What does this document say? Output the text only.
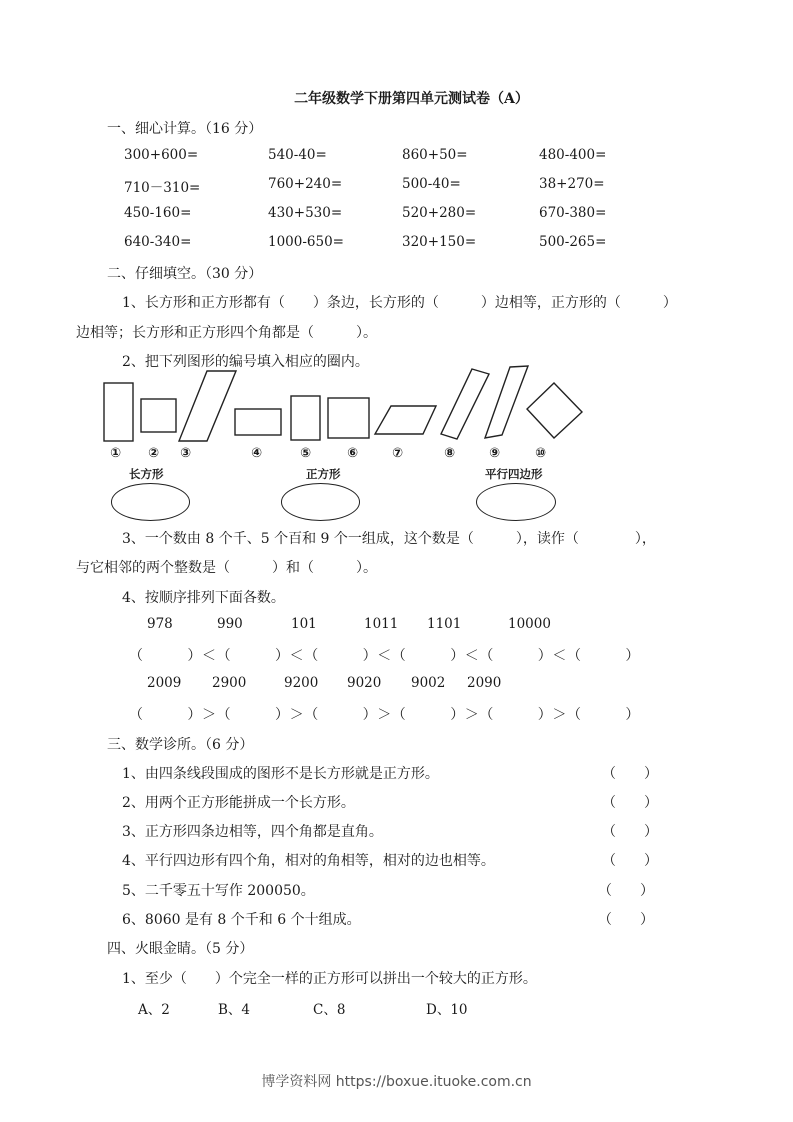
二年级数学下册第四单元测试卷（A）
一、细心计算。（16 分）
300+600=	540-40=	860+50=	480-400=
710－310=	760+240=	500-40=	38+270=
450-160=	430+530=	520+280=	670-380=
640-340=	1000-650=	320+150=	500-265=
二、仔细填空。（30 分）
1、长方形和正方形都有（　　）条边，长方形的（　　　）边相等，正方形的（　　　）
边相等；长方形和正方形四个角都是（　　　）。
2、把下列图形的编号填入相应的圈内。
① ② ③	④	⑤	⑥	⑦	⑧	⑨	⑩
长方形	正方形	平行四边形
3、一个数由 8 个千、5 个百和 9 个一组成，这个数是（　　　），读作（　　　　），
与它相邻的两个整数是（　　　）和（　　　）。
4、按顺序排列下面各数。
978	990	101	1011 1101	10000
（　　　）＜（　　　）＜（　　　）＜（　　　）＜（　　　）＜（　　　）
2009 2900	9200 9020 9002 2090
（　　　）＞（　　　）＞（　　　）＞（　　　）＞（　　　）＞（　　　）
三、数学诊所。（6 分）
1、由四条线段围成的图形不是长方形就是正方形。	（　　）
2、用两个正方形能拼成一个长方形。	（　　）
3、正方形四条边相等，四个角都是直角。	（　　）
4、平行四边形有四个角，相对的角相等，相对的边也相等。	（　　）
5、二千零五十写作 200050。	（　　）
6、8060 是有 8 个千和 6 个十组成。	（　　）
四、火眼金睛。（5 分）
1、至少（　　）个完全一样的正方形可以拼出一个较大的正方形。
A、2	B、4	C、8	D、10
博学资料网 https://boxue.ituoke.com.cn
